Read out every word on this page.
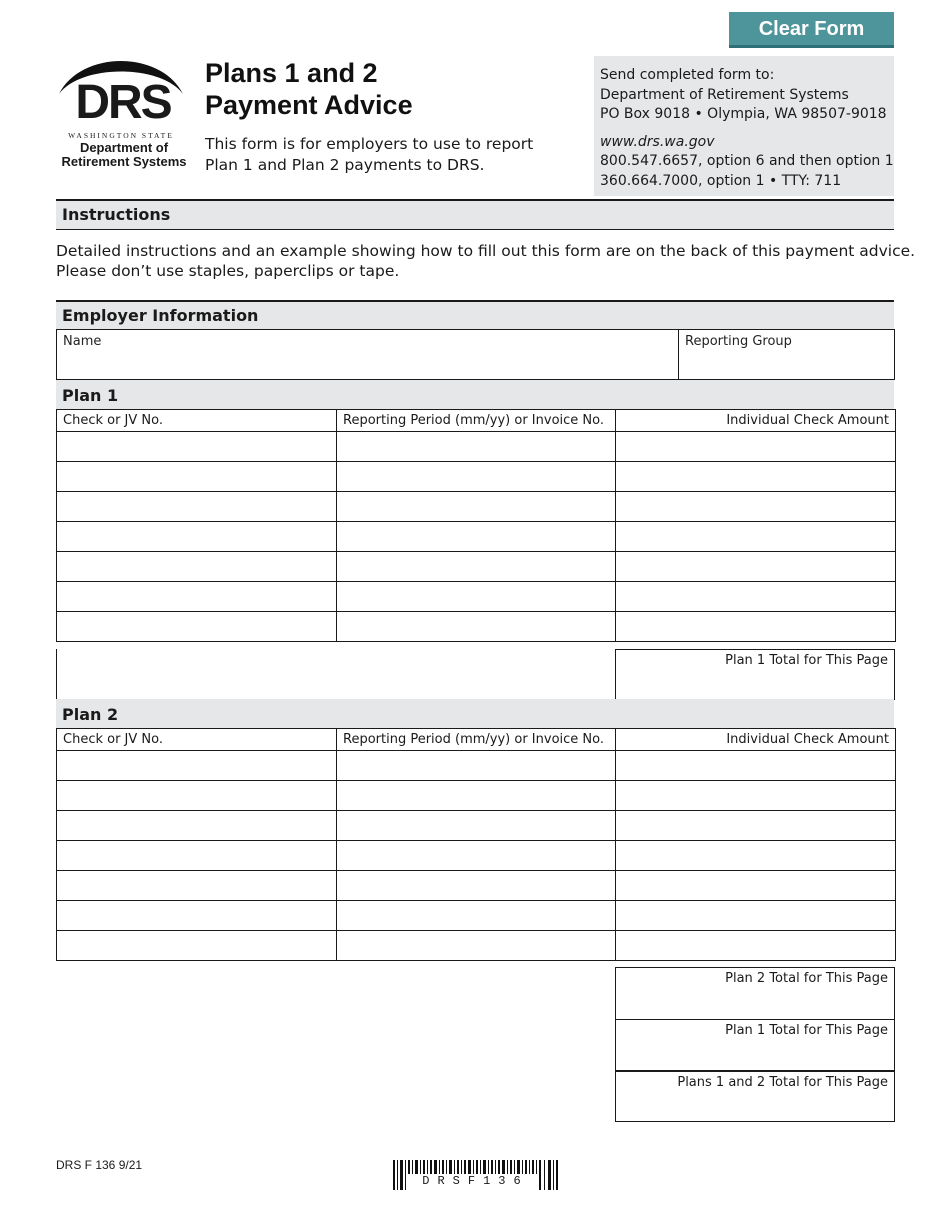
Clear Form
DRS
WASHINGTON STATE
Department of
Retirement Systems
Plans 1 and 2
Payment Advice
This form is for employers to use to report
Plan 1 and Plan 2 payments to DRS.
Send completed form to:
Department of Retirement Systems
PO Box 9018 • Olympia, WA 98507-9018
www.drs.wa.gov
800.547.6657, option 6 and then option 1
360.664.7000, option 1 • TTY: 711
Instructions
Detailed instructions and an example showing how to fill out this form are on the back of this payment advice.
Please don’t use staples, paperclips or tape.
Employer Information
Name	Reporting Group
Plan 1
Check or JV No.	Reporting Period (mm/yy) or Invoice No.	Individual Check Amount

Plan 1 Total for This Page
Plan 2
Check or JV No.	Reporting Period (mm/yy) or Invoice No.	Individual Check Amount

Plan 2 Total for This Page
Plan 1 Total for This Page
Plans 1 and 2 Total for This Page
DRS F 136 9/21
DRSF136
